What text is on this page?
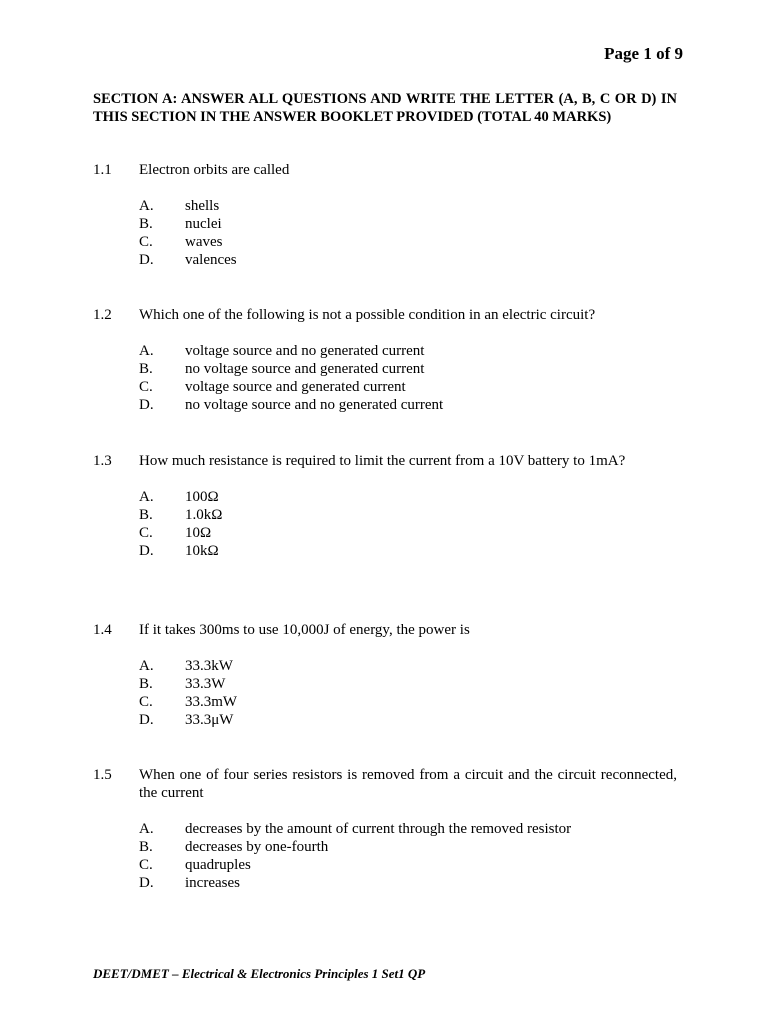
Page 1 of 9
SECTION A: ANSWER ALL QUESTIONS AND WRITE THE LETTER (A, B, C OR D) IN THIS SECTION IN THE ANSWER BOOKLET PROVIDED (TOTAL 40 MARKS)
1.1	Electron orbits are called
A.	shells
B.	nuclei
C.	waves
D.	valences
1.2	Which one of the following is not a possible condition in an electric circuit?
A.	voltage source and no generated current
B.	no voltage source and generated current
C.	voltage source and generated current
D.	no voltage source and no generated current
1.3	How much resistance is required to limit the current from a 10V battery to 1mA?
A.	100Ω
B.	1.0kΩ
C.	10Ω
D.	10kΩ
1.4	If it takes 300ms to use 10,000J of energy, the power is
A.	33.3kW
B.	33.3W
C.	33.3mW
D.	33.3μW
1.5	When one of four series resistors is removed from a circuit and the circuit reconnected, the current
A.	decreases by the amount of current through the removed resistor
B.	decreases by one-fourth
C.	quadruples
D.	increases
DEET/DMET – Electrical & Electronics Principles 1 Set1 QP
